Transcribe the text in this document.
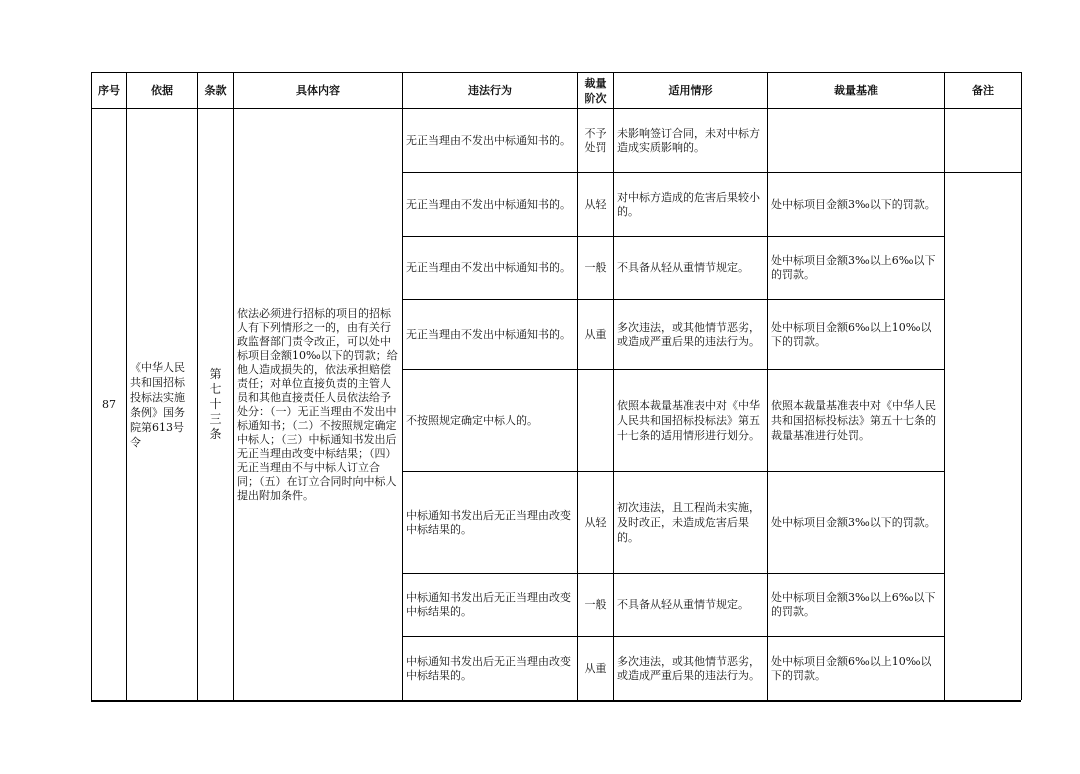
序号	依据	条款	具体内容	违法行为	裁量阶次	适用情形	裁量基准	备注
87	《中华人民共和国招标投标法实施条例》国务院第613号令	第七十三条	依法必须进行招标的项目的招标人有下列情形之一的，由有关行政监督部门责令改正，可以处中标项目金额10‰以下的罚款；给他人造成损失的，依法承担赔偿责任；对单位直接负责的主管人员和其他直接责任人员依法给予处分：（一）无正当理由不发出中标通知书；（二）不按照规定确定中标人；（三）中标通知书发出后无正当理由改变中标结果；（四）无正当理由不与中标人订立合同；（五）在订立合同时向中标人提出附加条件。	无正当理由不发出中标通知书的。	不予处罚	未影响签订合同，未对中标方造成实质影响的。		
				无正当理由不发出中标通知书的。	从轻	对中标方造成的危害后果较小的。	处中标项目金额3‰以下的罚款。	
				无正当理由不发出中标通知书的。	一般	不具备从轻从重情节规定。	处中标项目金额3‰以上6‰以下的罚款。	
				无正当理由不发出中标通知书的。	从重	多次违法，或其他情节恶劣，或造成严重后果的违法行为。	处中标项目金额6‰以上10‰以下的罚款。	
				不按照规定确定中标人的。		依照本裁量基准表中对《中华人民共和国招标投标法》第五十七条的适用情形进行划分。	依照本裁量基准表中对《中华人民共和国招标投标法》第五十七条的裁量基准进行处罚。	
				中标通知书发出后无正当理由改变中标结果的。	从轻	初次违法，且工程尚未实施，及时改正，未造成危害后果的。	处中标项目金额3‰以下的罚款。	
				中标通知书发出后无正当理由改变中标结果的。	一般	不具备从轻从重情节规定。	处中标项目金额3‰以上6‰以下的罚款。	
				中标通知书发出后无正当理由改变中标结果的。	从重	多次违法，或其他情节恶劣，或造成严重后果的违法行为。	处中标项目金额6‰以上10‰以下的罚款。	
